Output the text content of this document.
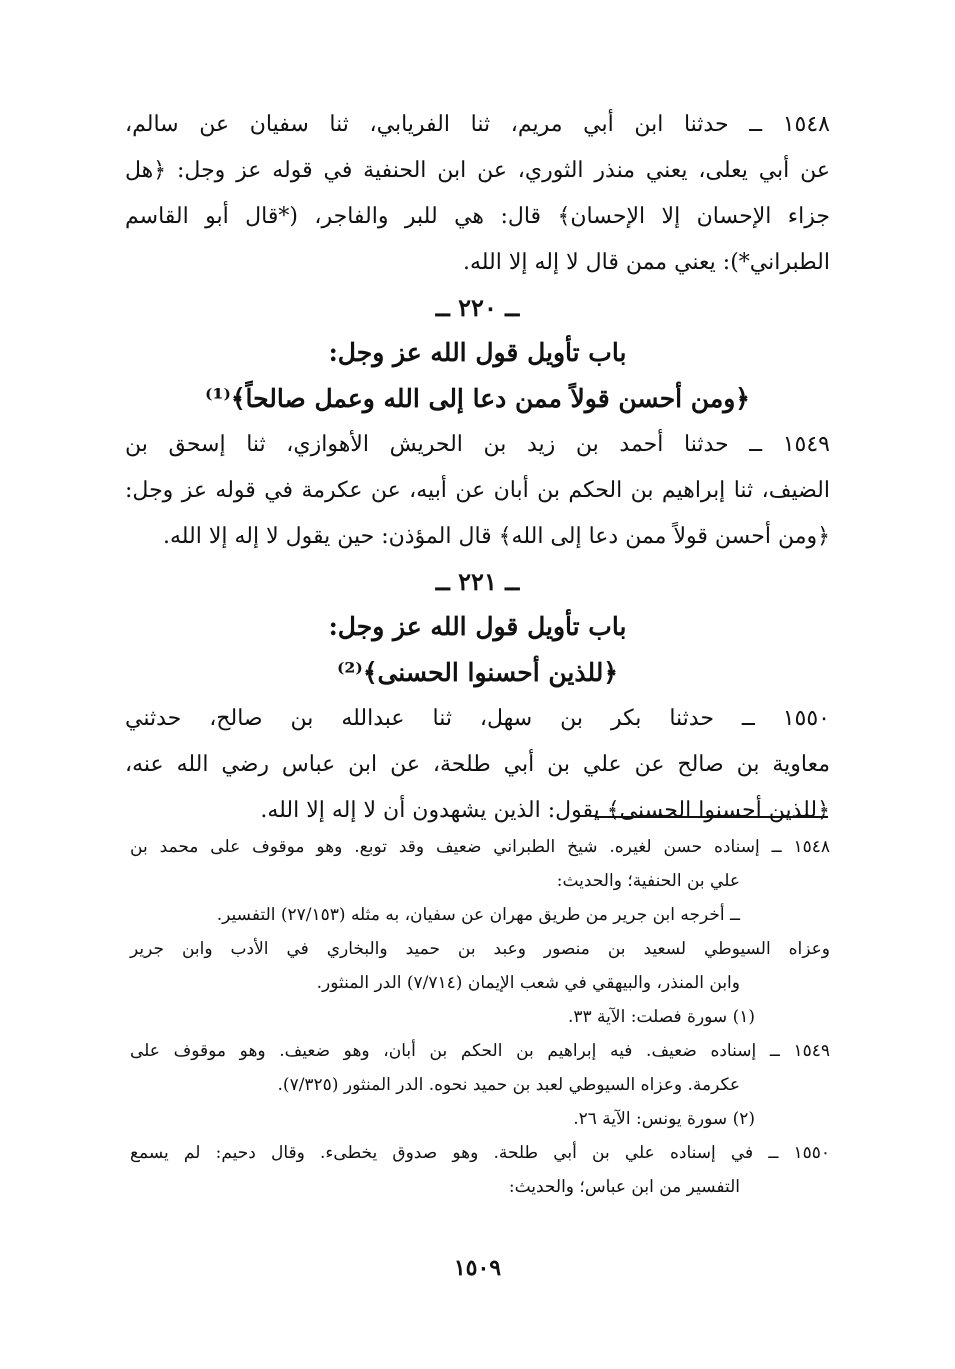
١٥٤٨ ــ حدثنا ابن أبي مريم، ثنا الفريابي، ثنا سفيان عن سالم،
عن أبي يعلى، يعني منذر الثوري، عن ابن الحنفية في قوله عز وجل: ﴿هل
جزاء الإحسان إلا الإحسان﴾ قال: هي للبر والفاجر، (*قال أبو القاسم
الطبراني*): يعني ممن قال لا إله إلا الله.
ــ ٢٢٠ ــ
باب تأويل قول الله عز وجل:
﴿ومن أحسن قولاً ممن دعا إلى الله وعمل صالحاً﴾⁽¹⁾
١٥٤٩ ــ حدثنا أحمد بن زيد بن الحريش الأهوازي، ثنا إسحق بن
الضيف، ثنا إبراهيم بن الحكم بن أبان عن أبيه، عن عكرمة في قوله عز وجل:
﴿ومن أحسن قولاً ممن دعا إلى الله﴾ قال المؤذن: حين يقول لا إله إلا الله.
ــ ٢٢١ ــ
باب تأويل قول الله عز وجل:
﴿للذين أحسنوا الحسنى﴾⁽²⁾
١٥٥٠ ــ حدثنا بكر بن سهل، ثنا عبدالله بن صالح، حدثني
معاوية بن صالح عن علي بن أبي طلحة، عن ابن عباس رضي الله عنه،
﴿للذين أحسنوا الحسنى﴾ يقول: الذين يشهدون أن لا إله إلا الله.
١٥٤٨ ــ إسناده حسن لغيره. شيخ الطبراني ضعيف وقد توبع. وهو موقوف على محمد بن
علي بن الحنفية؛ والحديث:
ــ أخرجه ابن جرير من طريق مهران عن سفيان، به مثله (٢٧/١٥٣) التفسير.
وعزاه السيوطي لسعيد بن منصور وعبد بن حميد والبخاري في الأدب وابن جرير
وابن المنذر، والبيهقي في شعب الإيمان (٧/٧١٤) الدر المنثور.
(١) سورة فصلت: الآية ٣٣.
١٥٤٩ ــ إسناده ضعيف. فيه إبراهيم بن الحكم بن أبان، وهو ضعيف. وهو موقوف على
عكرمة. وعزاه السيوطي لعبد بن حميد نحوه. الدر المنثور (٧/٣٢٥).
(٢) سورة يونس: الآية ٢٦.
١٥٥٠ ــ في إسناده علي بن أبي طلحة. وهو صدوق يخطىء. وقال دحيم: لم يسمع
التفسير من ابن عباس؛ والحديث:
١٥٠٩
